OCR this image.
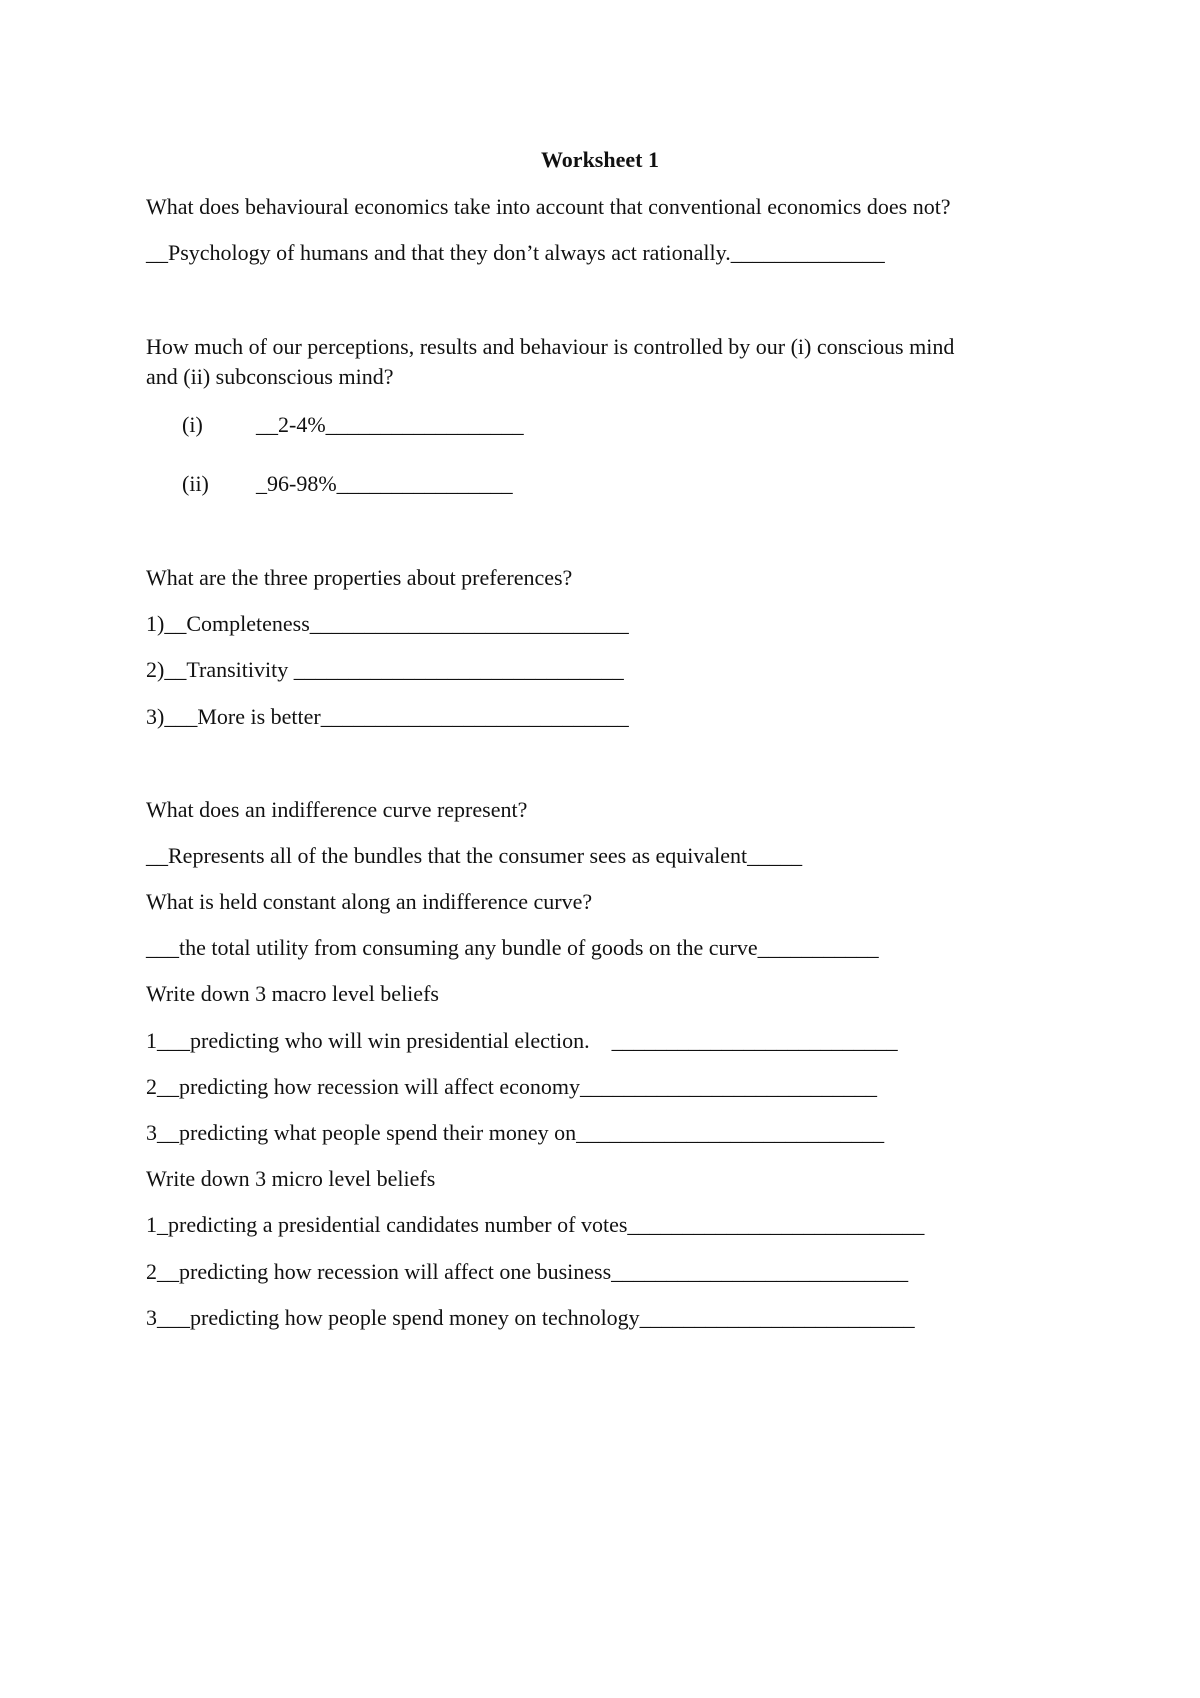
Worksheet 1

What does behavioural economics take into account that conventional economics does not?

__Psychology of humans and that they don’t always act rationally.______________

How much of our perceptions, results and behaviour is controlled by our (i) conscious mind

and (ii) subconscious mind?

(i) __2-4%__________________
(ii) _96-98%________________

What are the three properties about preferences?

1)__Completeness_____________________________

2)__Transitivity ______________________________

3)___More is better____________________________

What does an indifference curve represent?

__Represents all of the bundles that the consumer sees as equivalent_____

What is held constant along an indifference curve?

___the total utility from consuming any bundle of goods on the curve___________

Write down 3 macro level beliefs

1___predicting who will win presidential election.    __________________________

2__predicting how recession will affect economy___________________________

3__predicting what people spend their money on____________________________

Write down 3 micro level beliefs

1_predicting a presidential candidates number of votes___________________________

2__predicting how recession will affect one business___________________________

3___predicting how people spend money on technology_________________________
